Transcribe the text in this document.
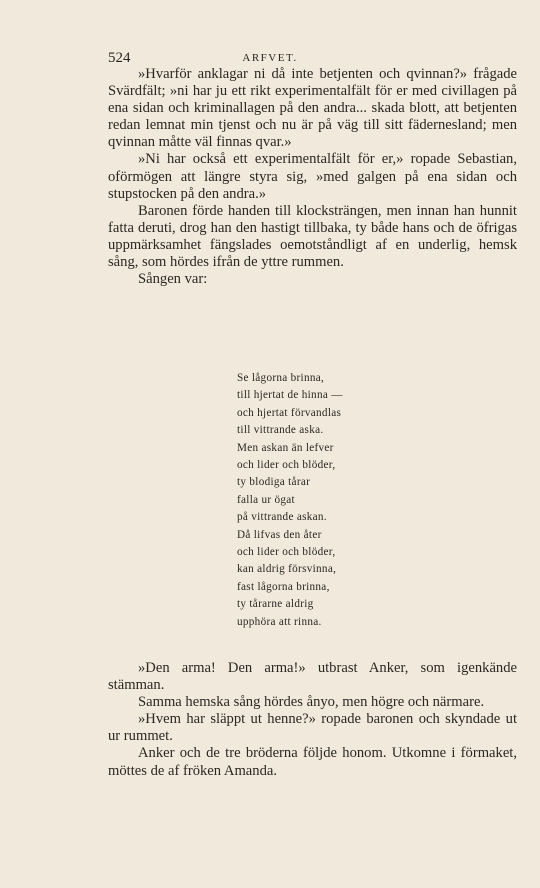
524	ARFVET.

»Hvarför anklagar ni då inte betjenten och qvinnan?» frågade Svärdfält; »ni har ju ett rikt experimentalfält för er med civillagen på ena sidan och kriminallagen på den andra... skada blott, att betjenten redan lemnat min tjenst och nu är på väg till sitt fädernesland; men qvinnan måtte väl finnas qvar.»

»Ni har också ett experimentalfält för er,» ropade Sebastian, oförmögen att längre styra sig, »med galgen på ena sidan och stupstocken på den andra.»

Baronen förde handen till klocksträngen, men innan han hunnit fatta deruti, drog han den hastigt tillbaka, ty både hans och de öfrigas uppmärksamhet fängslades oemotståndligt af en underlig, hemsk sång, som hördes ifrån de yttre rummen.

Sången var:

Se lågorna brinna,
till hjertat de hinna —
och hjertat förvandlas
till vittrande aska.
Men askan än lefver
och lider och blöder,
ty blodiga tårar
falla ur ögat
på vittrande askan.
Då lifvas den åter
och lider och blöder,
kan aldrig försvinna,
fast lågorna brinna,
ty tårarne aldrig
upphöra att rinna.

»Den arma! Den arma!» utbrast Anker, som igenkände stämman.

Samma hemska sång hördes ånyo, men högre och närmare.

»Hvem har släppt ut henne?» ropade baronen och skyndade ut ur rummet.

Anker och de tre bröderna följde honom. Utkomne i förmaket, möttes de af fröken Amanda.
